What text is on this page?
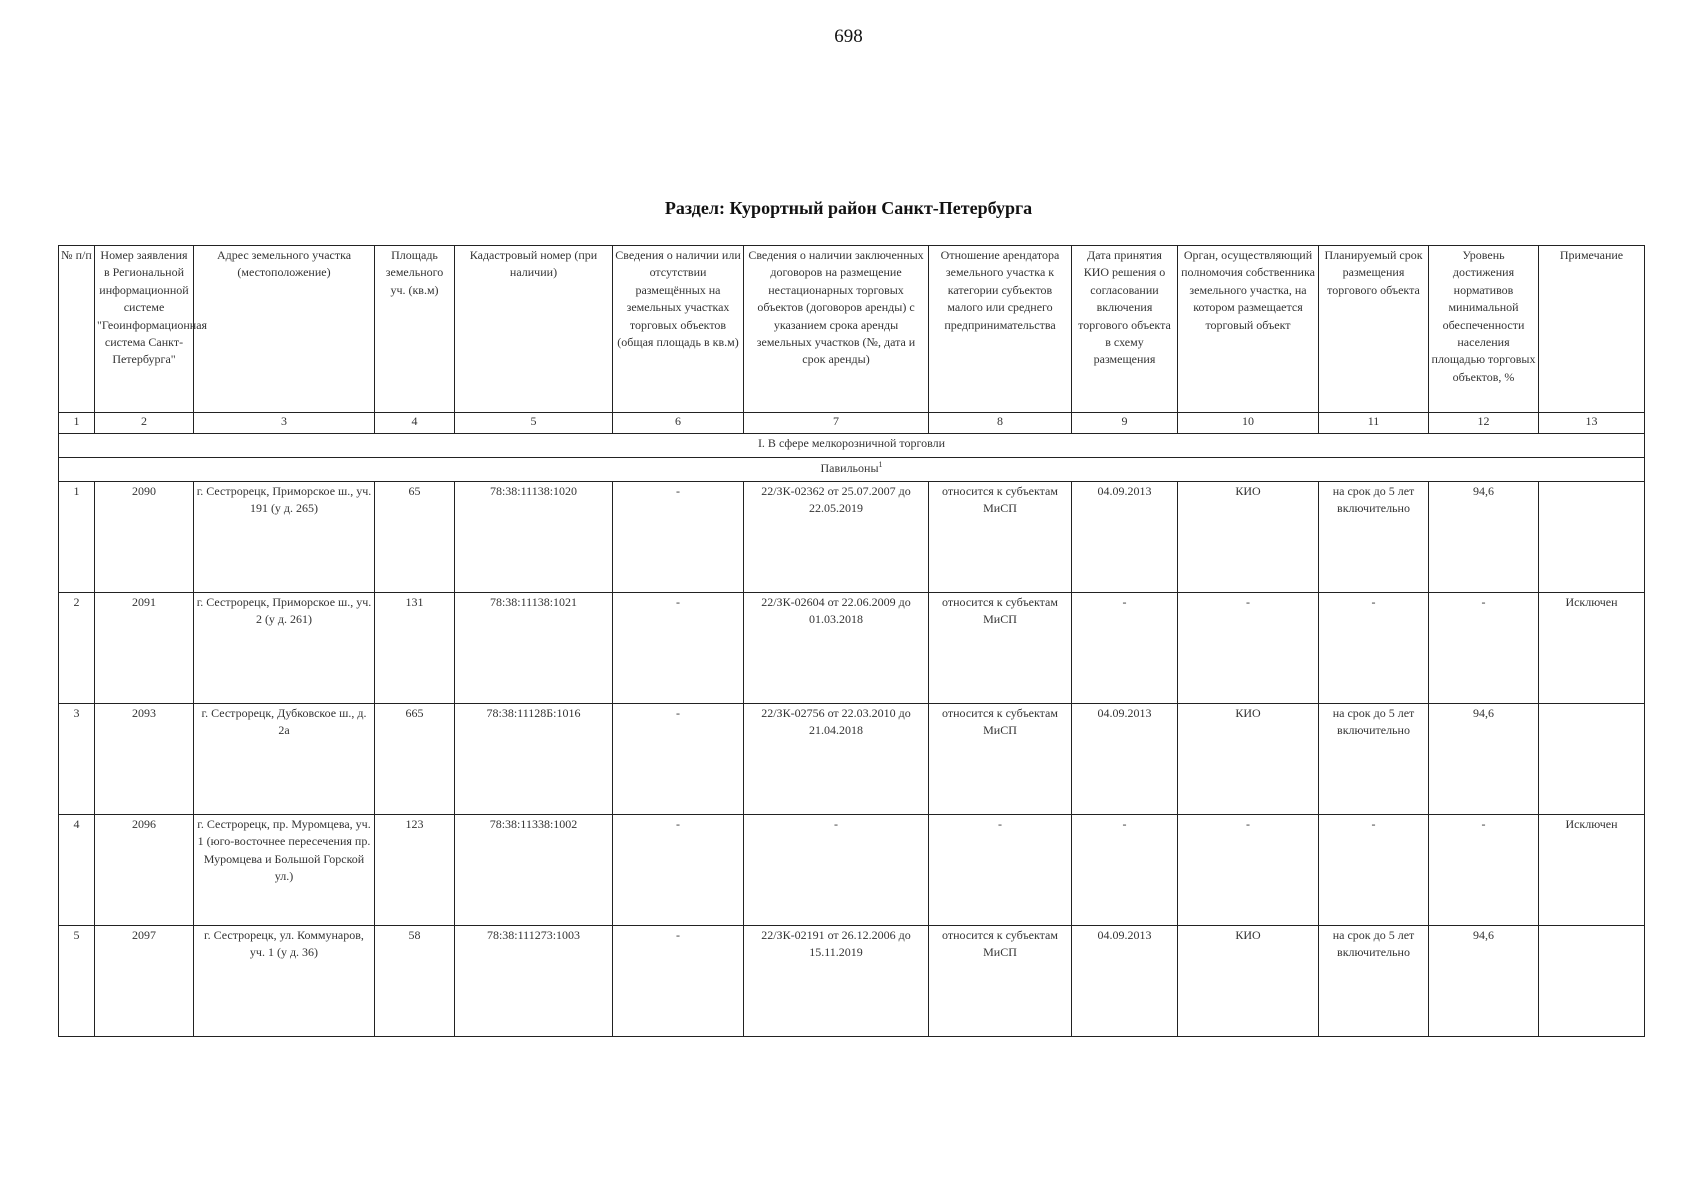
698
Раздел: Курортный район Санкт-Петербурга
№ п/п	Номер заявления в Региональной информационной системе "Геоинформационная система Санкт-Петербурга"	Адрес земельного участка (местоположение)	Площадь земельного уч. (кв.м)	Кадастровый номер (при наличии)	Сведения о наличии или отсутствии размещённых на земельных участках торговых объектов (общая площадь в кв.м)	Сведения о наличии заключенных договоров на размещение нестационарных торговых объектов (договоров аренды) с указанием срока аренды земельных участков (№, дата и срок аренды)	Отношение арендатора земельного участка к категории субъектов малого или среднего предпринимательства	Дата принятия КИО решения о согласовании включения торгового объекта в схему размещения	Орган, осуществляющий полномочия собственника земельного участка, на котором размещается торговый объект	Планируемый срок размещения торгового объекта	Уровень достижения нормативов минимальной обеспеченности населения площадью торговых объектов, %	Примечание
1	2	3	4	5	6	7	8	9	10	11	12	13
I. В сфере мелкорозничной торговли												
Павильоны$^1$
1	2090	г. Сестрорецк, Приморское ш., уч. 191 (у д. 265)	65	78:38:11138:1020	-	22/ЗК-02362 от 25.07.2007 до 22.05.2019	относится к субъектам МиСП	04.09.2013	КИО	на срок до 5 лет включительно	94,6	
2	2091	г. Сестрорецк, Приморское ш., уч. 2 (у д. 261)	131	78:38:11138:1021	-	22/ЗК-02604 от 22.06.2009 до 01.03.2018	относится к субъектам МиСП	-	-	-	-	Исключен
3	2093	г. Сестрорецк, Дубковское ш., д. 2а	665	78:38:11128Б:1016	-	22/ЗК-02756 от 22.03.2010 до 21.04.2018	относится к субъектам МиСП	04.09.2013	КИО	на срок до 5 лет включительно	94,6	
4	2096	г. Сестрорецк, пр. Муромцева, уч. 1 (юго-восточнее пересечения пр. Муромцева и Большой Горской ул.)	123	78:38:11338:1002	-	-	-	-	-	-	-	Исключен
5	2097	г. Сестрорецк, ул. Коммунаров, уч. 1 (у д. 36)	58	78:38:111273:1003	-	22/ЗК-02191 от 26.12.2006 до 15.11.2019	относится к субъектам МиСП	04.09.2013	КИО	на срок до 5 лет включительно	94,6	
